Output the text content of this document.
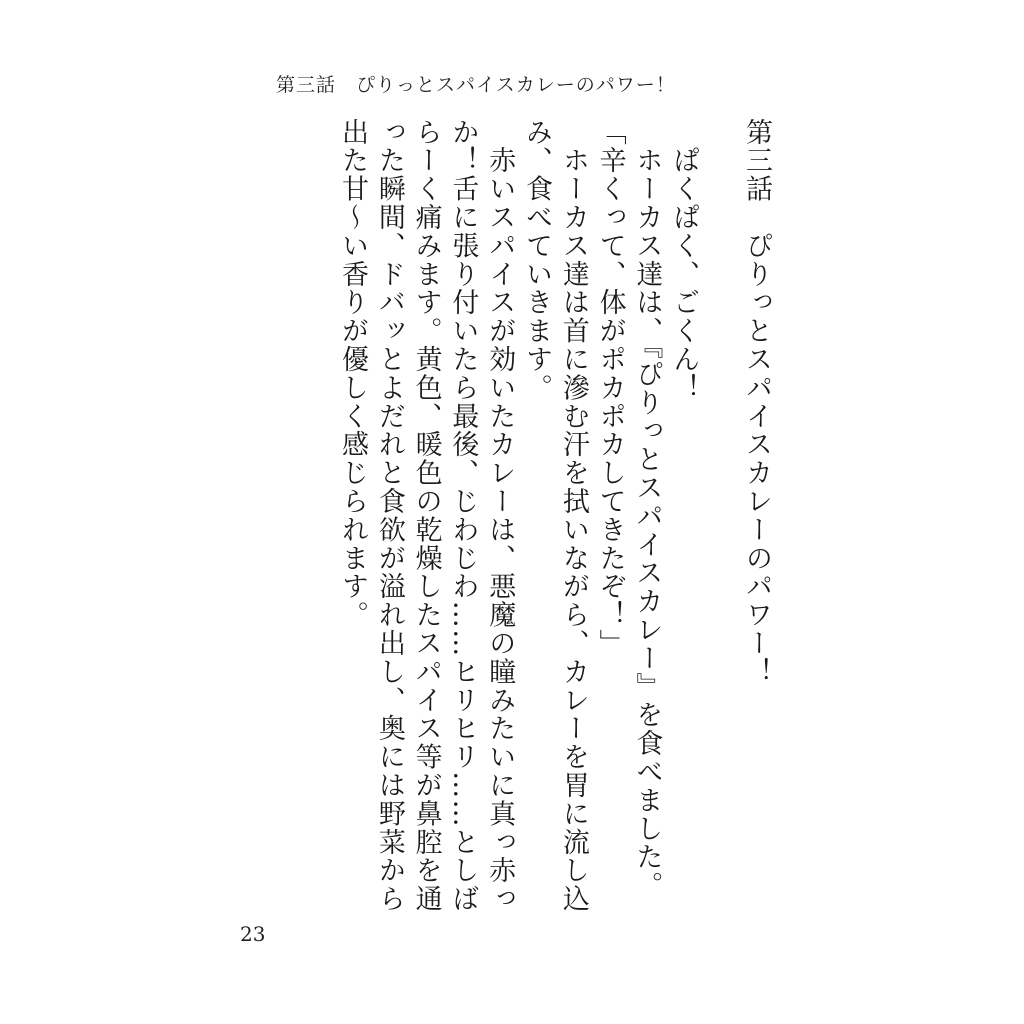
第三話　ぴりっとスパイスカレーのパワー！
第三話　ぴりっとスパイスカレーのパワー！

　ぱくぱく、ごくん！

　ホーカス達は、『ぴりっとスパイスカレー』を食べました。

「辛くって、体がポカポカしてきたぞ！」

　ホーカス達は首に滲む汗を拭いながら、カレーを胃に流し込み、食べていきます。

　赤いスパイスが効いたカレーは、悪魔の瞳みたいに真っ赤っか！舌に張り付いたら最後、じわじわ……ヒリヒリ……としばらーく痛みます。黄色、暖色の乾燥したスパイス等が鼻腔を通った瞬間、ドバッとよだれと食欲が溢れ出し、奥には野菜から出た甘～い香りが優しく感じられます。

23
